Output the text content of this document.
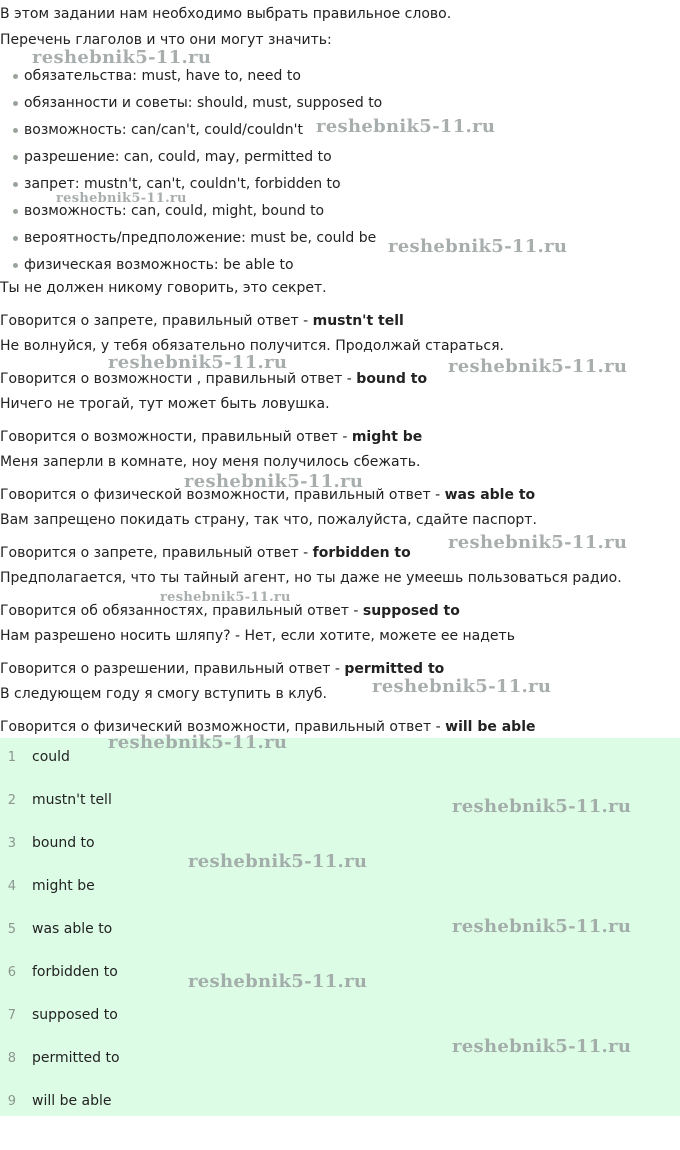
В этом задании нам необходимо выбрать правильное слово.
Перечень глаголов и что они могут значить:
обязательства: must, have to, need to
обязанности и советы: should, must, supposed to
возможность: can/can't, could/couldn't
разрешение: can, could, may, permitted to
запрет: mustn't, can't, couldn't, forbidden to
возможность: can, could, might, bound to
вероятность/предположение: must be, could be
физическая возможность: be able to
Ты не должен никому говорить, это секрет.
Говорится о запрете, правильный ответ - mustn't tell
Не волнуйся, у тебя обязательно получится. Продолжай стараться.
Говорится о возможности , правильный ответ - bound to
Ничего не трогай, тут может быть ловушка.
Говорится о возможности, правильный ответ - might be
Меня заперли в комнате, ноу меня получилось сбежать.
Говорится о физической возможности, правильный ответ - was able to
Вам запрещено покидать страну, так что, пожалуйста, сдайте паспорт.
Говорится о запрете, правильный ответ - forbidden to
Предполагается, что ты тайный агент, но ты даже не умеешь пользоваться радио.
Говорится об обязанностях, правильный ответ - supposed to
Нам разрешено носить шляпу? - Нет, если хотите, можете ее надеть
Говорится о разрешении, правильный ответ - permitted to
В следующем году я смогу вступить в клуб.
Говорится о физический возможности, правильный ответ - will be able
1 could
2 mustn't tell
3 bound to
4 might be
5 was able to
6 forbidden to
7 supposed to
8 permitted to
9 will be able
reshebnik5-11.ru
reshebnik5-11.ru
reshebnik5-11.ru
reshebnik5-11.ru
reshebnik5-11.ru	reshebnik5-11.ru
reshebnik5-11.ru
reshebnik5-11.ru
reshebnik5-11.ru
reshebnik5-11.ru
reshebnik5-11.ru
reshebnik5-11.ru
reshebnik5-11.ru
reshebnik5-11.ru
reshebnik5-11.ru
reshebnik5-11.ru
